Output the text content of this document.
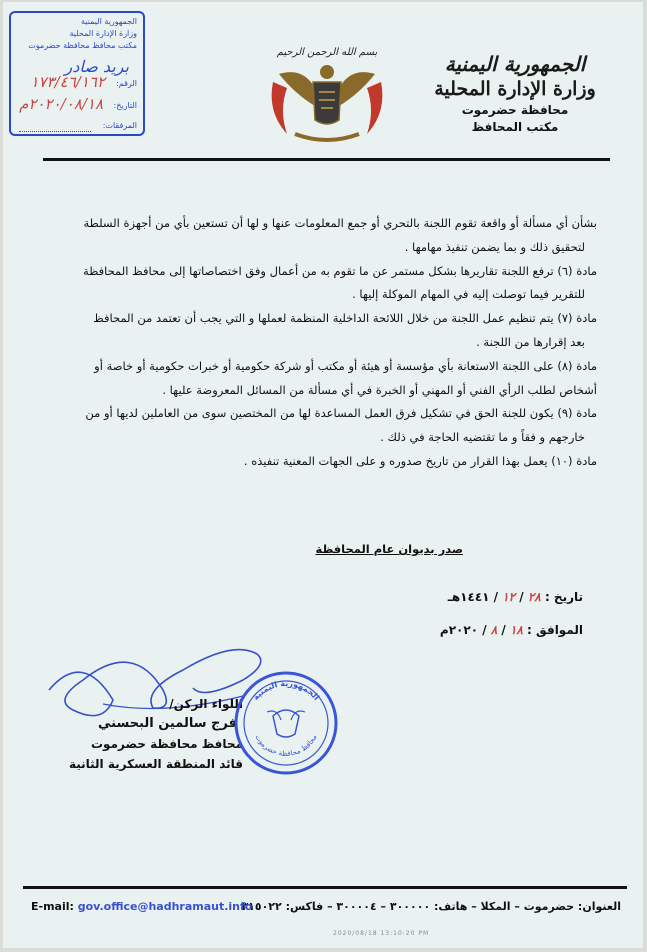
الجمهورية اليمنية
وزارة الإدارة المحلية
مكتب محافظ محافظة حضرموت
بريد صادر
الرقم:
١٧٣/٤٦/١٦٢
التاريخ:
٢٠٢٠/٠٨/١٨م
المرفقات:
بسم الله الرحمن الرحيم	الجمهورية اليمنية
وزارة الإدارة المحلية
محافظة حضرموت
مكتب المحافظ

بشأن أي مسألة أو واقعة تقوم اللجنة بالتحري أو جمع المعلومات عنها و لها أن تستعين بأي من أجهزة السلطة

لتحقيق ذلك و بما يضمن تنفيذ مهامها .

مادة (٦) ترفع اللجنة تقاريرها بشكل مستمر عن ما تقوم به من أعمال وفق اختصاصاتها إلى محافظ المحافظة

للتقرير فيما توصلت إليه في المهام الموكلة إليها .

مادة (٧) يتم تنظيم عمل اللجنة من خلال اللائحة الداخلية المنظمة لعملها و التي يجب أن تعتمد من المحافظ

بعد إقرارها من اللجنة .

مادة (٨) على اللجنة الاستعانة بأي مؤسسة أو هيئة أو مكتب أو شركة حكومية أو خبرات حكومية أو خاصة أو

أشخاص لطلب الرأي الفني أو المهني أو الخبرة في أي مسألة من المسائل المعروضة عليها .

مادة (٩) يكون للجنة الحق في تشكيل فرق العمل المساعدة لها من المختصين سوى من العاملين لديها أو من

خارجهم و فقاً و ما تقتضيه الحاجة في ذلك .

مادة (١٠) يعمل بهذا القرار من تاريخ صدوره و على الجهات المعنية تنفيذه .

صدر بديوان عام المحافظة
تاريخ : ٢٨ / ١٢ / ١٤٤١هـ
الموافق : ١٨ / ٨ / ٢٠٢٠م
اللواء الركن/
فرج سالمين البحسني
محافظ محافظة حضرموت
قائد المنطقة العسكرية الثانية
الجمهورية اليمنية
محافظ محافظة حضرموت
العنوان: حضرموت – المكلا – هاتف: ٣٠٠٠٠٠ – ٣٠٠٠٠٤ – فاكس: ٣١٥٠٢٢
E-mail: gov.office@hadhramaut.info
2020/08/18 13:10:20 PM
